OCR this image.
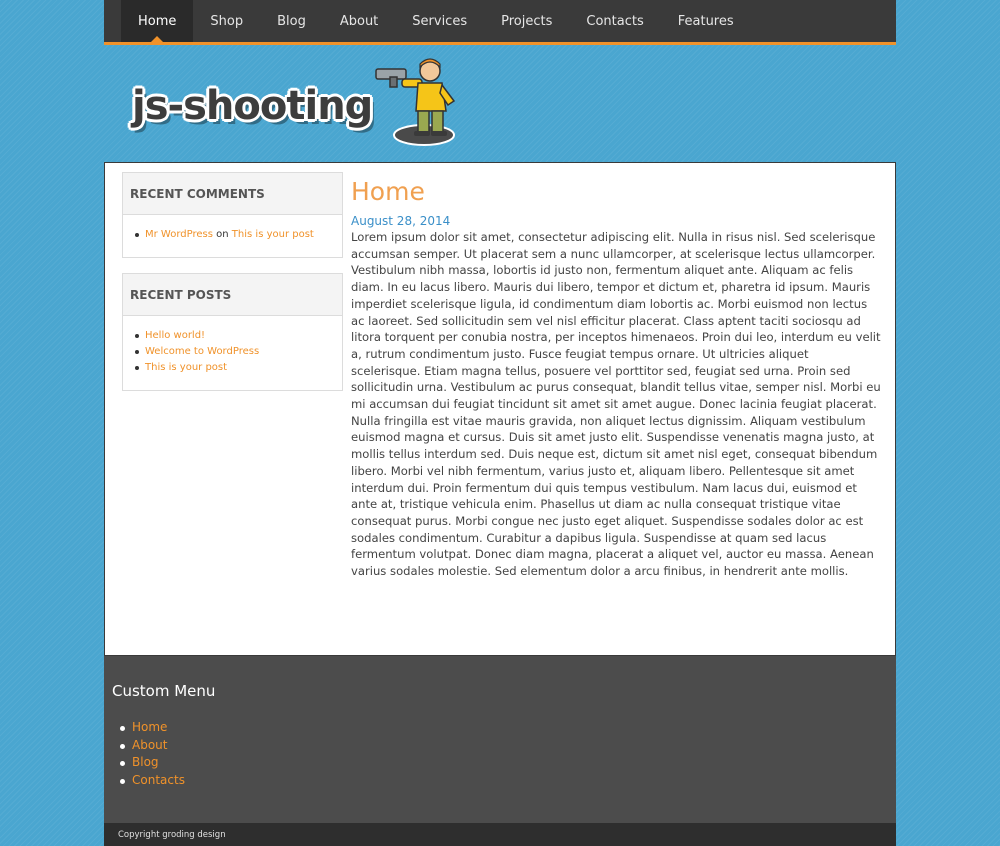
Home	Shop	Blog	About	Services	Projects	Contacts	Features
js-shooting
RECENT COMMENTS
Mr WordPress on This is your post
RECENT POSTS
Hello world!
Welcome to WordPress
This is your post
Home
August 28, 2014

Lorem ipsum dolor sit amet, consectetur adipiscing elit. Nulla in risus nisl. Sed scelerisque accumsan semper. Ut placerat sem a nunc ullamcorper, at scelerisque lectus ullamcorper. Vestibulum nibh massa, lobortis id justo non, fermentum aliquet ante. Aliquam ac felis diam. In eu lacus libero. Mauris dui libero, tempor et dictum et, pharetra id ipsum. Mauris imperdiet scelerisque ligula, id condimentum diam lobortis ac. Morbi euismod non lectus ac laoreet. Sed sollicitudin sem vel nisl efficitur placerat. Class aptent taciti sociosqu ad litora torquent per conubia nostra, per inceptos himenaeos. Proin dui leo, interdum eu velit a, rutrum condimentum justo. Fusce feugiat tempus ornare. Ut ultricies aliquet scelerisque. Etiam magna tellus, posuere vel porttitor sed, feugiat sed urna. Proin sed sollicitudin urna. Vestibulum ac purus consequat, blandit tellus vitae, semper nisl. Morbi eu mi accumsan dui feugiat tincidunt sit amet sit amet augue. Donec lacinia feugiat placerat. Nulla fringilla est vitae mauris gravida, non aliquet lectus dignissim. Aliquam vestibulum euismod magna et cursus. Duis sit amet justo elit. Suspendisse venenatis magna justo, at mollis tellus interdum sed. Duis neque est, dictum sit amet nisl eget, consequat bibendum libero. Morbi vel nibh fermentum, varius justo et, aliquam libero. Pellentesque sit amet interdum dui. Proin fermentum dui quis tempus vestibulum. Nam lacus dui, euismod et ante at, tristique vehicula enim. Phasellus ut diam ac nulla consequat tristique vitae consequat purus. Morbi congue nec justo eget aliquet. Suspendisse sodales dolor ac est sodales condimentum. Curabitur a dapibus ligula. Suspendisse at quam sed lacus fermentum volutpat. Donec diam magna, placerat a aliquet vel, auctor eu massa. Aenean varius sodales molestie. Sed elementum dolor a arcu finibus, in hendrerit ante mollis.

Custom Menu
Home
About
Blog
Contacts
Copyright groding design
